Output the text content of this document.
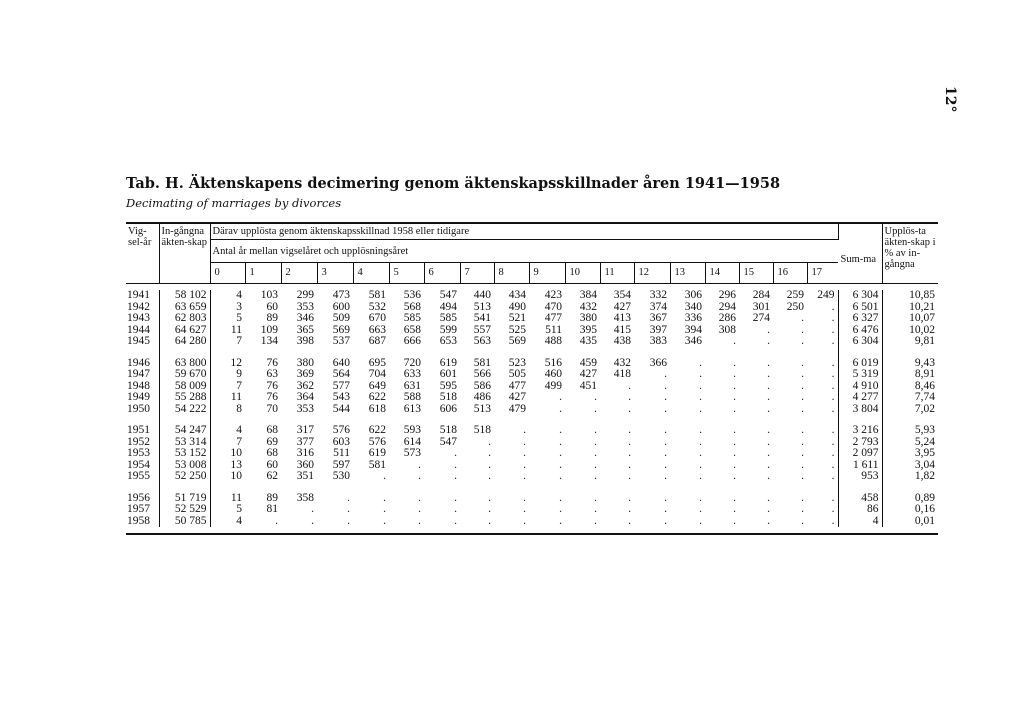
12°
Tab. H. Äktenskapens decimering genom äktenskapsskillnader åren 1941—1958
Decimating of marriages by divorces

Vig-sel-år	In-gångna äkten-skap	Därav upplösta genom äktenskapsskillnad 1958 eller tidigare																		Sum-ma	Upplös-ta äkten-skap i % av in-gångna
		Antal år mellan vigselåret och upplösningsåret																			
		0	1	2	3	4	5	6	7	8	9	10	11	12	13	14	15	16	17		

1941	58 102	4	103	299	473	581	536	547	440	434	423	384	354	332	306	296	284	259	249	6 304	10,85
1942	63 659	3	60	353	600	532	568	494	513	490	470	432	427	374	340	294	301	250	.	6 501	10,21
1943	62 803	5	89	346	509	670	585	585	541	521	477	380	413	367	336	286	274	.	.	6 327	10,07
1944	64 627	11	109	365	569	663	658	599	557	525	511	395	415	397	394	308	.	.	.	6 476	10,02
1945	64 280	7	134	398	537	687	666	653	563	569	488	435	438	383	346	.	.	.	.	6 304	9,81

1946	63 800	12	76	380	640	695	720	619	581	523	516	459	432	366	.	.	.	.	.	6 019	9,43
1947	59 670	9	63	369	564	704	633	601	566	505	460	427	418	.	.	.	.	.	.	5 319	8,91
1948	58 009	7	76	362	577	649	631	595	586	477	499	451	.	.	.	.	.	.	.	4 910	8,46
1949	55 288	11	76	364	543	622	588	518	486	427	.	.	.	.	.	.	.	.	.	4 277	7,74
1950	54 222	8	70	353	544	618	613	606	513	479	.	.	.	.	.	.	.	.	.	3 804	7,02

1951	54 247	4	68	317	576	622	593	518	518	.	.	.	.	.	.	.	.	.	.	3 216	5,93
1952	53 314	7	69	377	603	576	614	547	.	.	.	.	.	.	.	.	.	.	.	2 793	5,24
1953	53 152	10	68	316	511	619	573	.	.	.	.	.	.	.	.	.	.	.	.	2 097	3,95
1954	53 008	13	60	360	597	581	.	.	.	.	.	.	.	.	.	.	.	.	.	1 611	3,04
1955	52 250	10	62	351	530	.	.	.	.	.	.	.	.	.	.	.	.	.	.	953	1,82

1956	51 719	11	89	358	.	.	.	.	.	.	.	.	.	.	.	.	.	.	.	458	0,89
1957	52 529	5	81	.	.	.	.	.	.	.	.	.	.	.	.	.	.	.	.	86	0,16
1958	50 785	4	.	.	.	.	.	.	.	.	.	.	.	.	.	.	.	.	.	4	0,01
